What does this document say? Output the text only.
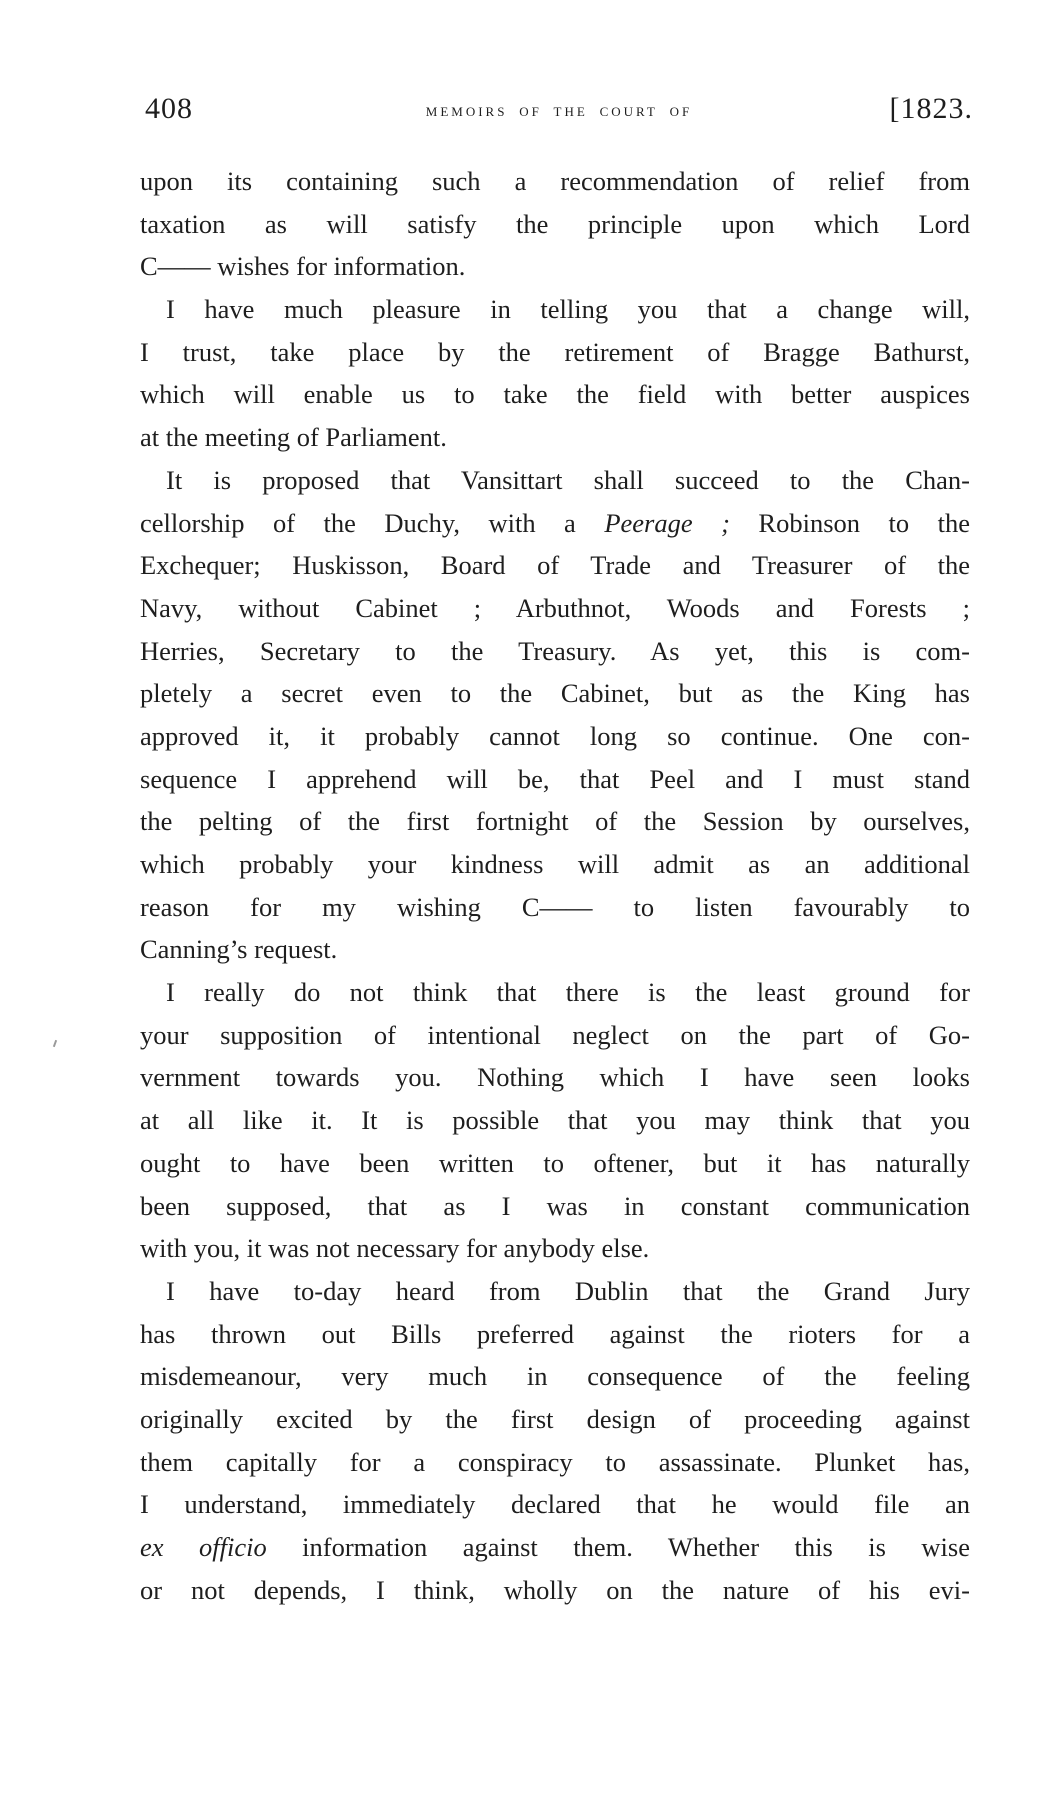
408	memoirs of the court of	[1823.
upon its containing such a recommendation of relief from
taxation as will satisfy the principle upon which Lord
C—— wishes for information.
I have much pleasure in telling you that a change will,
I trust, take place by the retirement of Bragge Bathurst,
which will enable us to take the field with better auspices
at the meeting of Parliament.
It is proposed that Vansittart shall succeed to the Chan-
cellorship of the Duchy, with a Peerage ; Robinson to the
Exchequer; Huskisson, Board of Trade and Treasurer of the
Navy, without Cabinet ; Arbuthnot, Woods and Forests ;
Herries, Secretary to the Treasury. As yet, this is com-
pletely a secret even to the Cabinet, but as the King has
approved it, it probably cannot long so continue. One con-
sequence I apprehend will be, that Peel and I must stand
the pelting of the first fortnight of the Session by ourselves,
which probably your kindness will admit as an additional
reason for my wishing C—— to listen favourably to
Canning’s request.
I really do not think that there is the least ground for
your supposition of intentional neglect on the part of Go-
vernment towards you. Nothing which I have seen looks
at all like it. It is possible that you may think that you
ought to have been written to oftener, but it has naturally
been supposed, that as I was in constant communication
with you, it was not necessary for anybody else.
I have to-day heard from Dublin that the Grand Jury
has thrown out Bills preferred against the rioters for a
misdemeanour, very much in consequence of the feeling
originally excited by the first design of proceeding against
them capitally for a conspiracy to assassinate. Plunket has,
I understand, immediately declared that he would file an
ex officio information against them. Whether this is wise
or not depends, I think, wholly on the nature of his evi-
